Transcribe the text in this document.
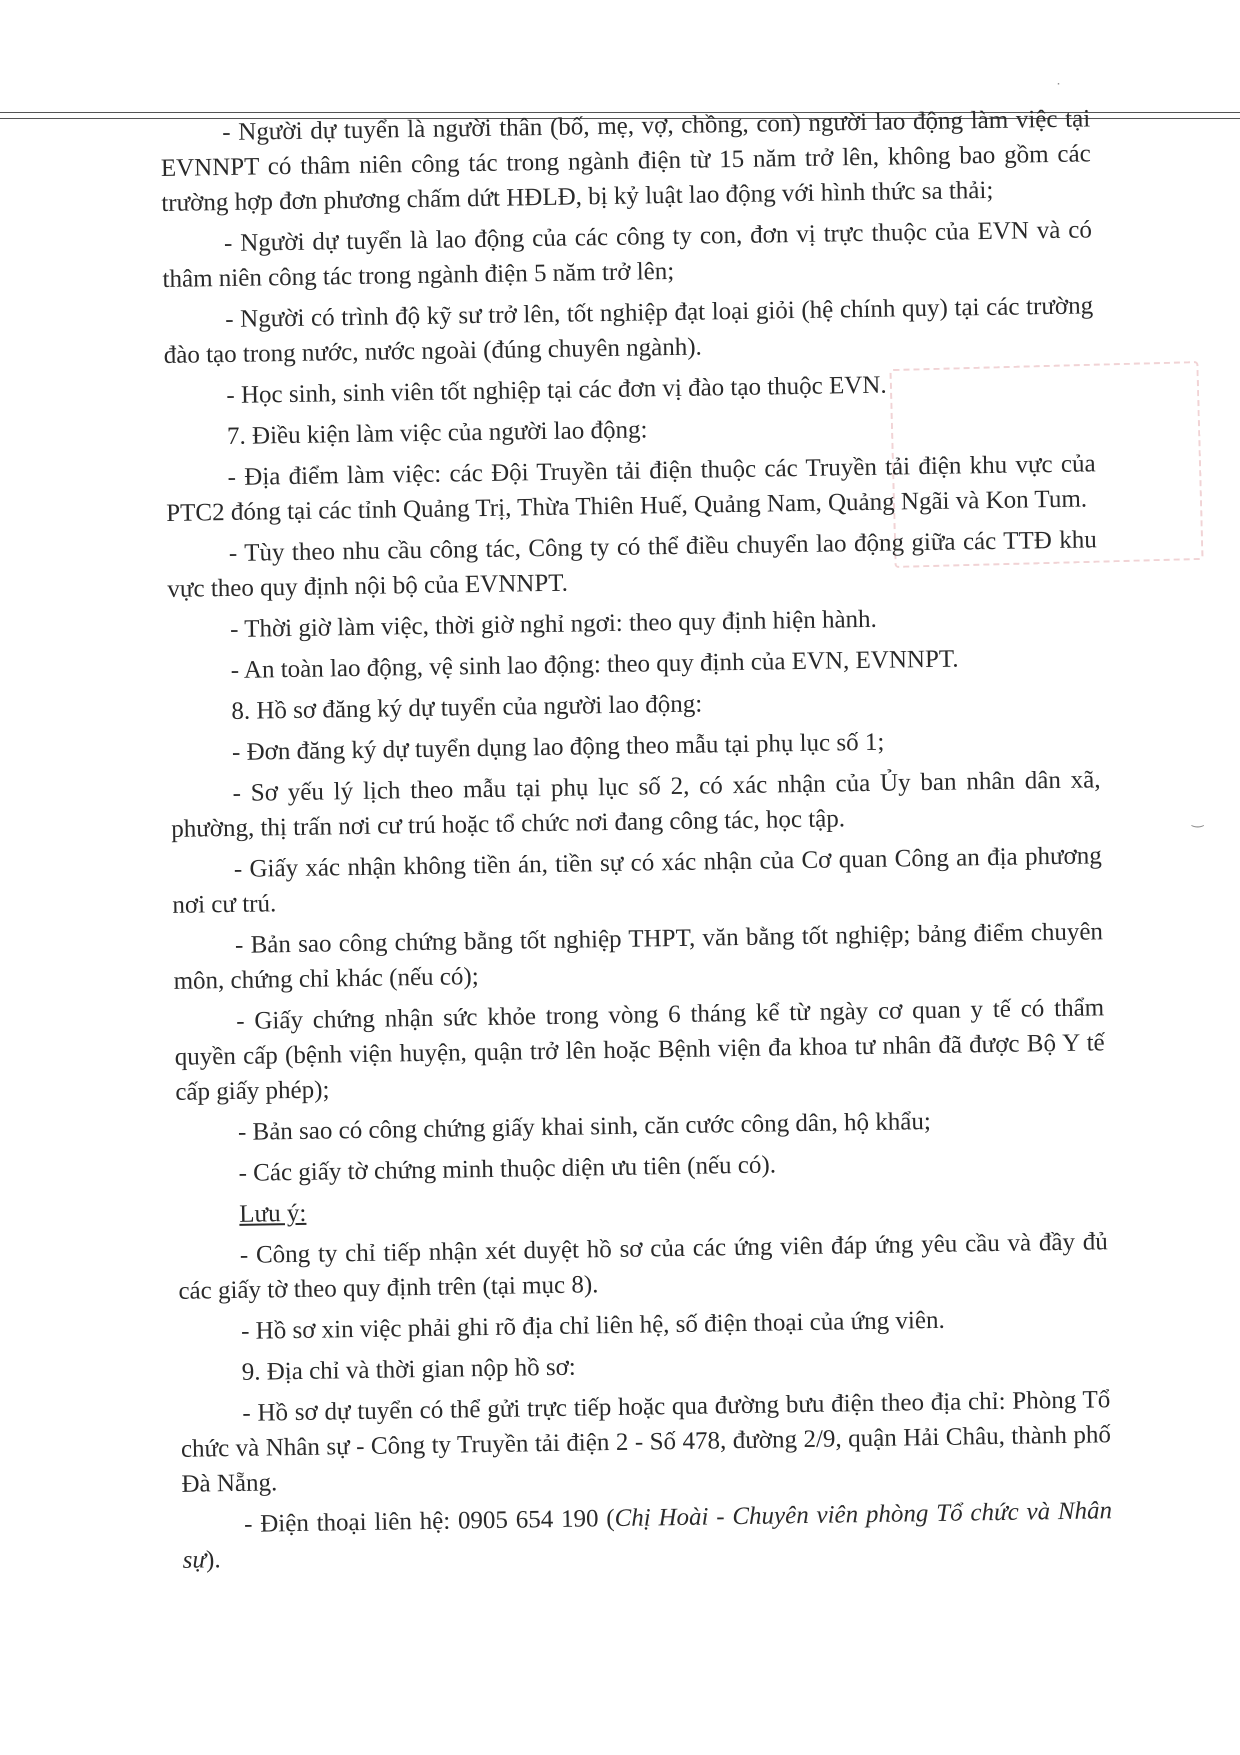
˙
‿

- Người dự tuyển là người thân (bố, mẹ, vợ, chồng, con) người lao động làm việc tại EVNNPT có thâm niên công tác trong ngành điện từ 15 năm trở lên, không bao gồm các trường hợp đơn phương chấm dứt HĐLĐ, bị kỷ luật lao động với hình thức sa thải;

- Người dự tuyển là lao động của các công ty con, đơn vị trực thuộc của EVN và có thâm niên công tác trong ngành điện 5 năm trở lên;

- Người có trình độ kỹ sư trở lên, tốt nghiệp đạt loại giỏi (hệ chính quy) tại các trường đào tạo trong nước, nước ngoài (đúng chuyên ngành).

- Học sinh, sinh viên tốt nghiệp tại các đơn vị đào tạo thuộc EVN.

7. Điều kiện làm việc của người lao động:

- Địa điểm làm việc: các Đội Truyền tải điện thuộc các Truyền tải điện khu vực của PTC2 đóng tại các tỉnh Quảng Trị, Thừa Thiên Huế, Quảng Nam, Quảng Ngãi và Kon Tum.

- Tùy theo nhu cầu công tác, Công ty có thể điều chuyển lao động giữa các TTĐ khu vực theo quy định nội bộ của EVNNPT.

- Thời giờ làm việc, thời giờ nghỉ ngơi: theo quy định hiện hành.

- An toàn lao động, vệ sinh lao động: theo quy định của EVN, EVNNPT.

8. Hồ sơ đăng ký dự tuyển của người lao động:

- Đơn đăng ký dự tuyển dụng lao động theo mẫu tại phụ lục số 1;

- Sơ yếu lý lịch theo mẫu tại phụ lục số 2, có xác nhận của Ủy ban nhân dân xã, phường, thị trấn nơi cư trú hoặc tổ chức nơi đang công tác, học tập.

- Giấy xác nhận không tiền án, tiền sự có xác nhận của Cơ quan Công an địa phương nơi cư trú.

- Bản sao công chứng bằng tốt nghiệp THPT, văn bằng tốt nghiệp; bảng điểm chuyên môn, chứng chỉ khác (nếu có);

- Giấy chứng nhận sức khỏe trong vòng 6 tháng kể từ ngày cơ quan y tế có thẩm quyền cấp (bệnh viện huyện, quận trở lên hoặc Bệnh viện đa khoa tư nhân đã được Bộ Y tế cấp giấy phép);

- Bản sao có công chứng giấy khai sinh, căn cước công dân, hộ khẩu;

- Các giấy tờ chứng minh thuộc diện ưu tiên (nếu có).

Lưu ý:

- Công ty chỉ tiếp nhận xét duyệt hồ sơ của các ứng viên đáp ứng yêu cầu và đầy đủ các giấy tờ theo quy định trên (tại mục 8).

- Hồ sơ xin việc phải ghi rõ địa chỉ liên hệ, số điện thoại của ứng viên.

9. Địa chỉ và thời gian nộp hồ sơ:

- Hồ sơ dự tuyển có thể gửi trực tiếp hoặc qua đường bưu điện theo địa chỉ: Phòng Tổ chức và Nhân sự - Công ty Truyền tải điện 2 - Số 478, đường 2/9, quận Hải Châu, thành phố Đà Nẵng.

- Điện thoại liên hệ: 0905 654 190 (Chị Hoài - Chuyên viên phòng Tổ chức và Nhân sự).
